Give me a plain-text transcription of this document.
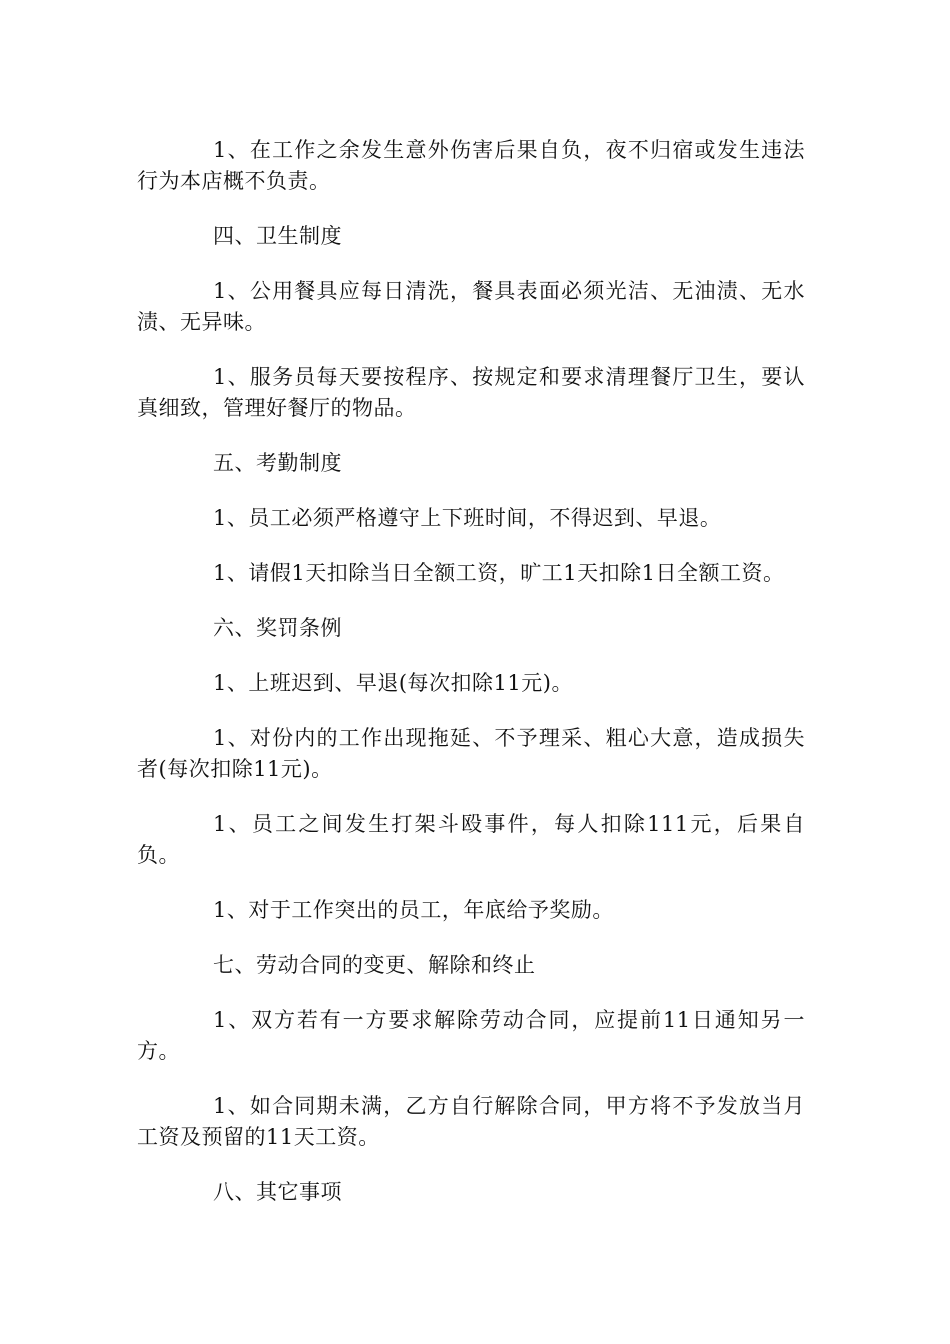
1、在工作之余发生意外伤害后果自负，夜不归宿或发生违法行为本店概不负责。

四、卫生制度

1、公用餐具应每日清洗，餐具表面必须光洁、无油渍、无水渍、无异味。

1、服务员每天要按程序、按规定和要求清理餐厅卫生，要认真细致，管理好餐厅的物品。

五、考勤制度

1、员工必须严格遵守上下班时间，不得迟到、早退。

1、请假1天扣除当日全额工资，旷工1天扣除1日全额工资。

六、奖罚条例

1、上班迟到、早退(每次扣除11元)。

1、对份内的工作出现拖延、不予理采、粗心大意，造成损失者(每次扣除11元)。

1、员工之间发生打架斗殴事件，每人扣除111元，后果自负。

1、对于工作突出的员工，年底给予奖励。

七、劳动合同的变更、解除和终止

1、双方若有一方要求解除劳动合同，应提前11日通知另一方。

1、如合同期未满，乙方自行解除合同，甲方将不予发放当月工资及预留的11天工资。

八、其它事项
